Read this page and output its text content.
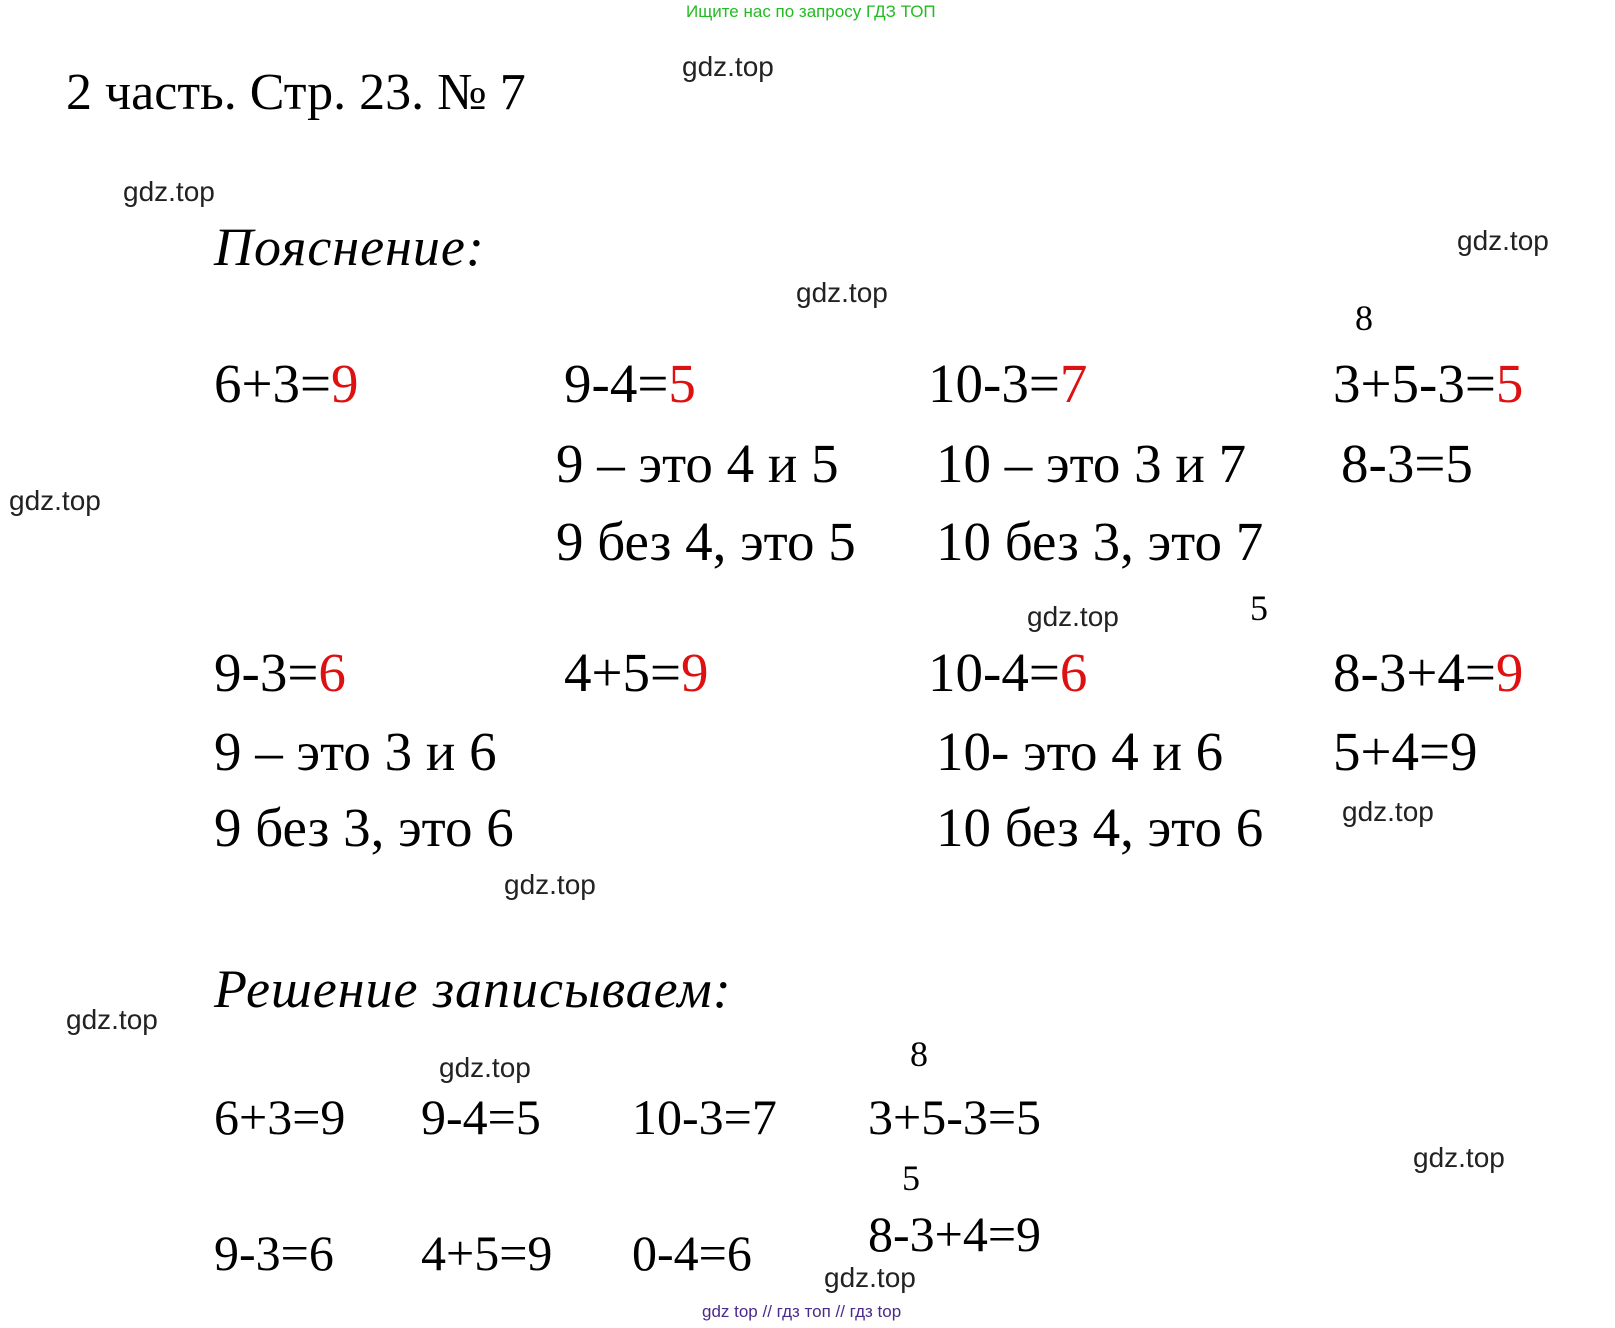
Ищите нас по запросу ГДЗ ТОП
2 часть. Стр. 23. № 7
Пояснение:
6+3=9	9-4=5
9 – это 4 и 5
9 без 4, это 5
10-3=7
10 – это 3 и 7
10 без 3, это 7
8
3+5-3=5
8-3=5
9-3=6
9 – это 3 и 6
9 без 3, это 6
4+5=9	10-4=6
10- это 4 и 6
10 без 4, это 6
5
8-3+4=9
5+4=9
Решение записываем:
8
6+3=9 9-4=5 10-3=7 3+5-3=5
5
9-3=6 4+5=9 0-4=6 8-3+4=9
gdz.top
gdz.top
gdz.top
gdz.top
gdz.top
gdz.top
gdz.top
gdz.top
gdz.top
gdz.top
gdz.top
gdz.top
gdz top // гдз топ // гдз top
